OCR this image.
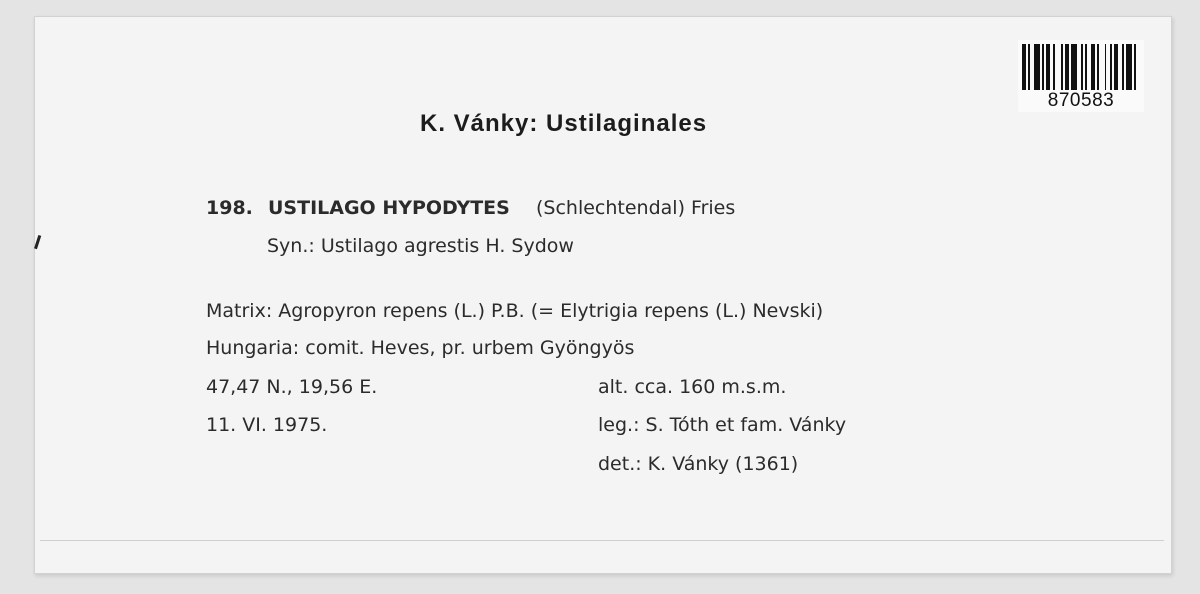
870583
K. Vánky: Ustilaginales
198. USTILAGO HYPODYTES (Schlechtendal) Fries
Syn.: Ustilago agrestis H. Sydow
Matrix: Agropyron repens (L.) P.B. (= Elytrigia repens (L.) Nevski)
Hungaria: comit. Heves, pr. urbem Gyöngyös
47,47 N., 19,56 E.
11. VI. 1975.
alt. cca. 160 m.s.m.
leg.: S. Tóth et fam. Vánky
det.: K. Vánky (1361)
